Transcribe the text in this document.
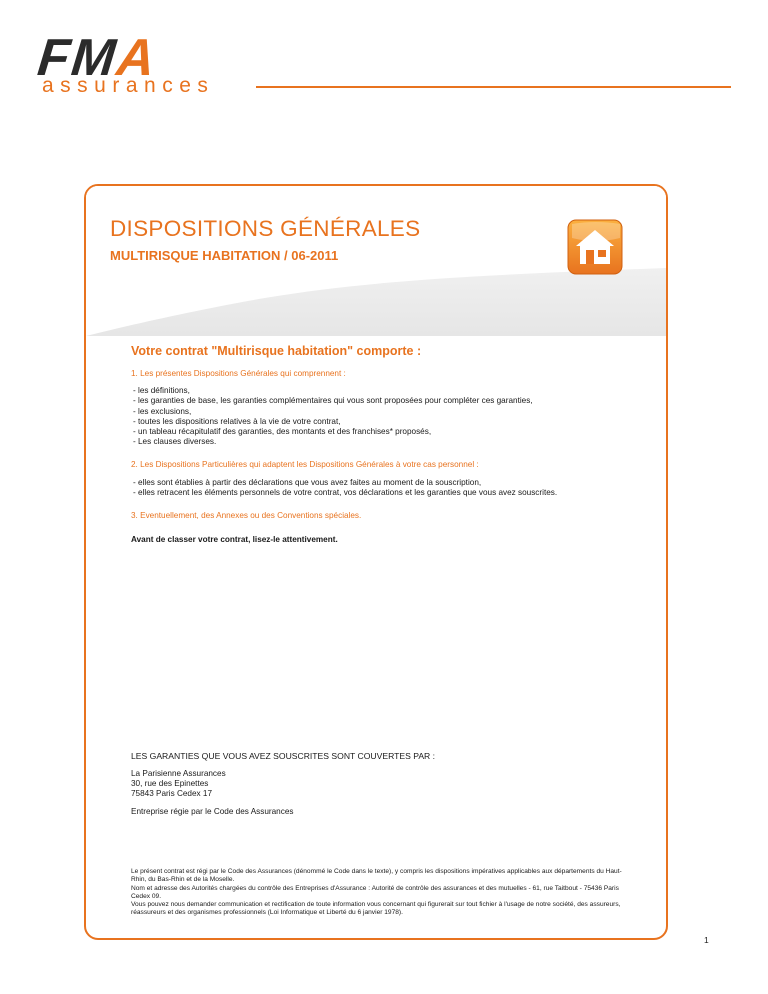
FMA
assurances
DISPOSITIONS GÉNÉRALES
MULTIRISQUE HABITATION / 06-2011
Votre contrat "Multirisque habitation" comporte :
1. Les présentes Dispositions Générales qui comprennent :
- les définitions,
- les garanties de base, les garanties complémentaires qui vous sont proposées pour compléter ces garanties,
- les exclusions,
- toutes les dispositions relatives à la vie de votre contrat,
- un tableau récapitulatif des garanties, des montants et des franchises* proposés,
- Les clauses diverses.
2. Les Dispositions Particulières qui adaptent les Dispositions Générales à votre cas personnel :
- elles sont établies à partir des déclarations que vous avez faites au moment de la souscription,
- elles retracent les éléments personnels de votre contrat, vos déclarations et les garanties que vous avez souscrites.
3. Eventuellement, des Annexes ou des Conventions spéciales.
Avant de classer votre contrat, lisez-le attentivement.

LES GARANTIES QUE VOUS AVEZ SOUSCRITES SONT COUVERTES PAR :

La Parisienne Assurances
30, rue des Epinettes
75843 Paris Cedex 17

Entreprise régie par le Code des Assurances

Le présent contrat est régi par le Code des Assurances (dénommé le Code dans le texte), y compris les dispositions impératives applicables aux départements du Haut-Rhin, du Bas-Rhin et de la Moselle.

Nom et adresse des Autorités chargées du contrôle des Entreprises d'Assurance : Autorité de contrôle des assurances et des mutuelles - 61, rue Taitbout - 75436 Paris Cedex 09.

Vous pouvez nous demander communication et rectification de toute information vous concernant qui figurerait sur tout fichier à l'usage de notre société, des assureurs, réassureurs et des organismes professionnels (Loi Informatique et Liberté du 6 janvier 1978).

1
